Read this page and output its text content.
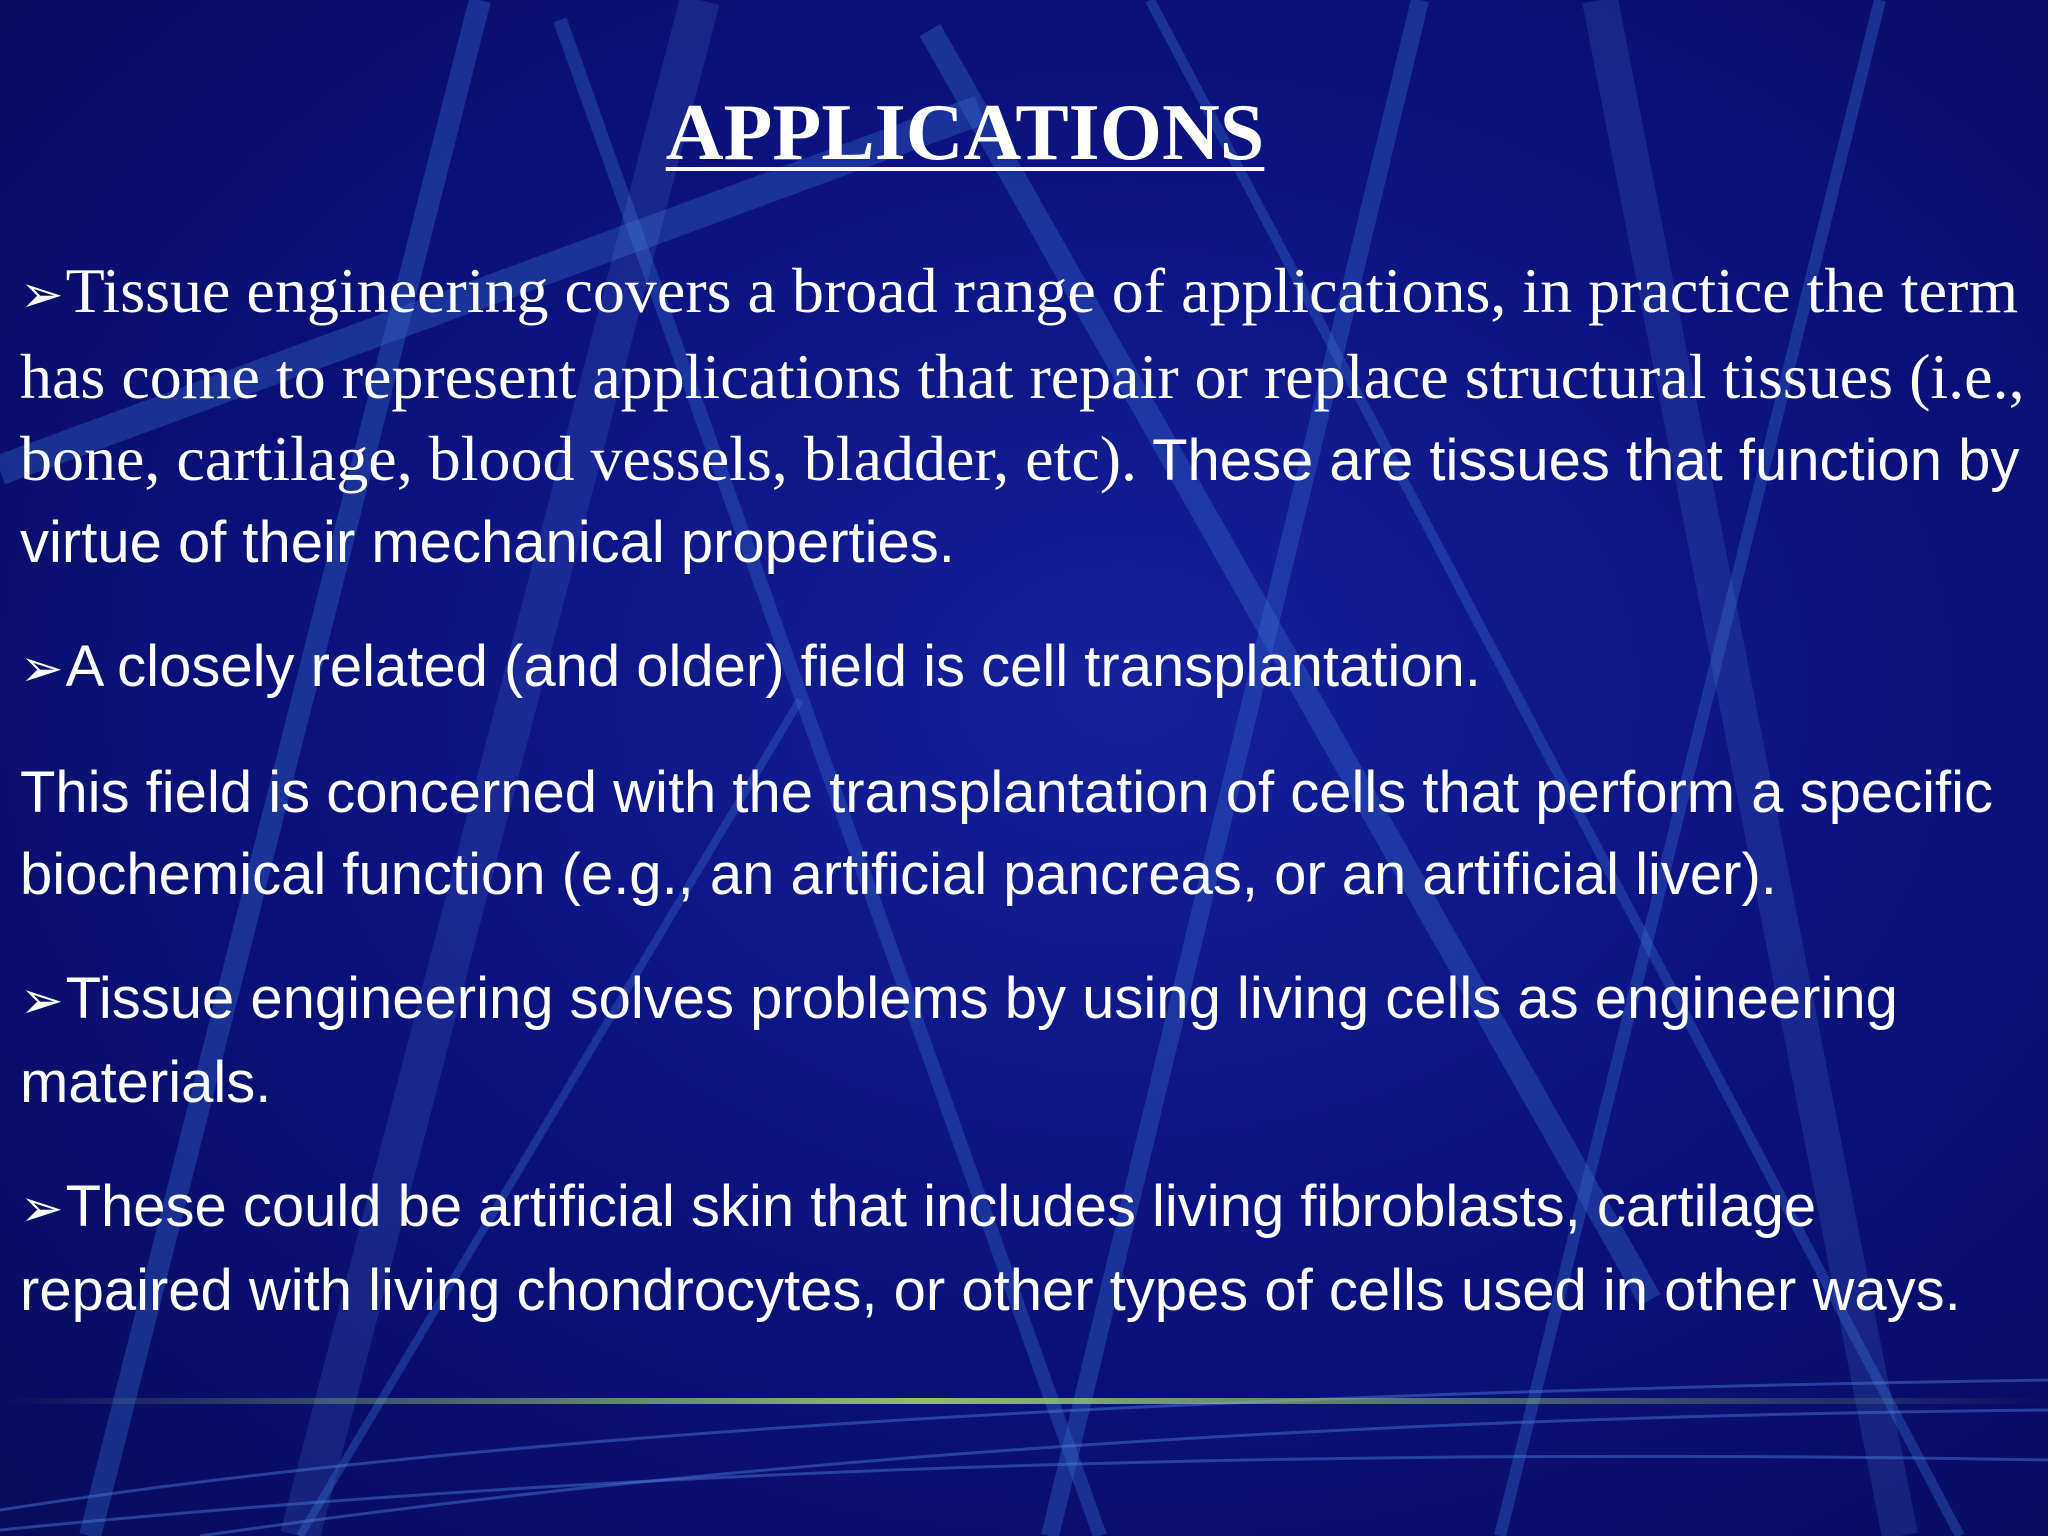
APPLICATIONS

➢Tissue engineering covers a broad range of applications, in practice the term has come to represent applications that repair or replace structural tissues (i.e., bone, cartilage, blood vessels, bladder, etc). These are tissues that function by virtue of their mechanical properties.

➢A closely related (and older) field is cell transplantation.

This field is concerned with the transplantation of cells that perform a specific biochemical function (e.g., an artificial pancreas, or an artificial liver).

➢Tissue engineering solves problems by using living cells as engineering materials.

➢These could be artificial skin that includes living fibroblasts, cartilage repaired with living chondrocytes, or other types of cells used in other ways.
